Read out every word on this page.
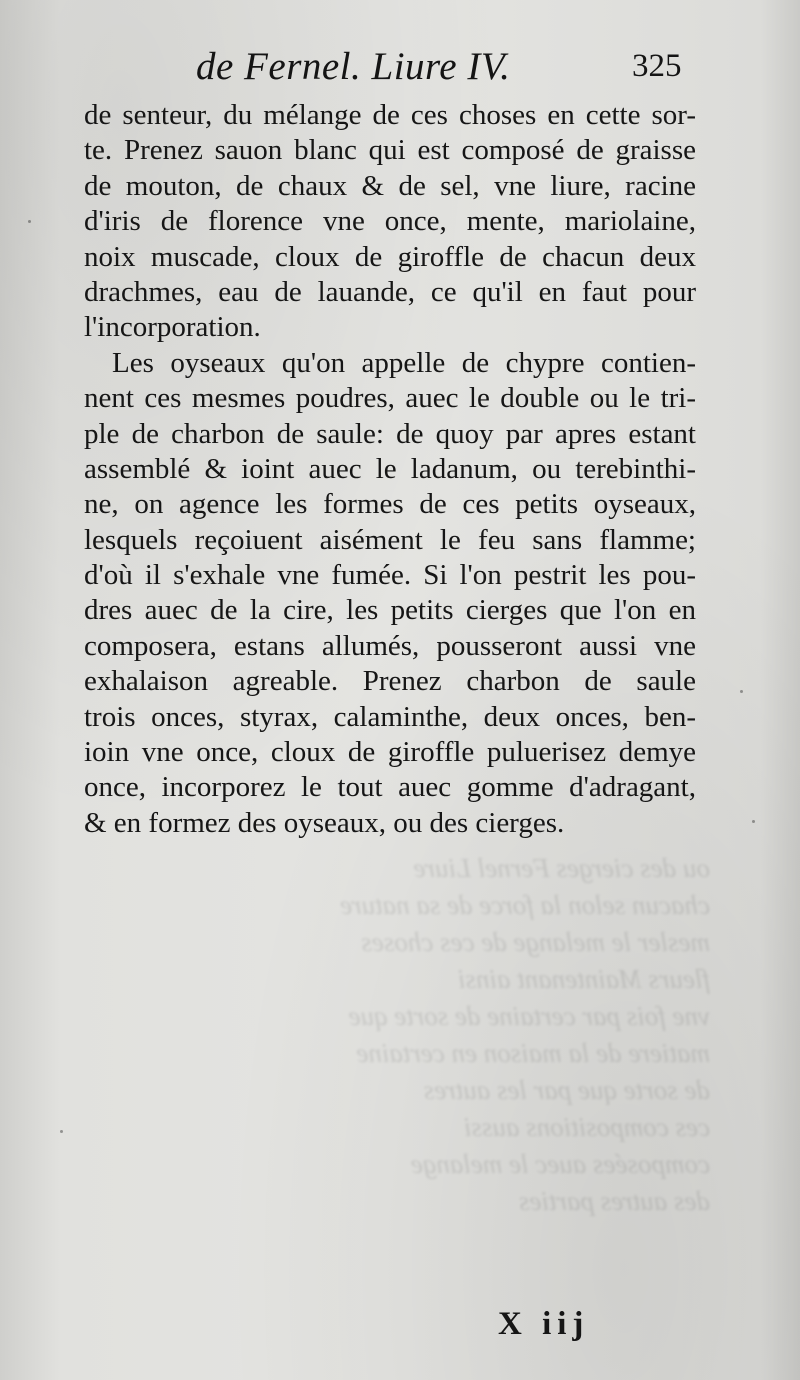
ou des cierges Fernel Liure
chacun selon la force de sa nature
mesler le melange de ces choses
fleurs Maintenant ainsi
vne fois par certaine de sorte que
matiere de la maison en certaine
de sorte que par les autres
ces compositions aussi
composées auec le melange
des autres parties
de Fernel. Liure IV.	325
de senteur, du mélange de ces choses en cette sor-
te. Prenez sauon blanc qui est composé de graisse
de mouton, de chaux & de sel, vne liure, racine
d'iris de florence vne once, mente, mariolaine,
noix muscade, cloux de giroffle de chacun deux
drachmes, eau de lauande, ce qu'il en faut pour
l'incorporation.
Les oyseaux qu'on appelle de chypre contien-
nent ces mesmes poudres, auec le double ou le tri-
ple de charbon de saule: de quoy par apres estant
assemblé & ioint auec le ladanum, ou terebinthi-
ne, on agence les formes de ces petits oyseaux,
lesquels reçoiuent aisément le feu sans flamme;
d'où il s'exhale vne fumée. Si l'on pestrit les pou-
dres auec de la cire, les petits cierges que l'on en
composera, estans allumés, pousseront aussi vne
exhalaison agreable. Prenez charbon de saule
trois onces, styrax, calaminthe, deux onces, ben-
ioin vne once, cloux de giroffle puluerisez demye
once, incorporez le tout auec gomme d'adragant,
& en formez des oyseaux, ou des cierges.
X iij
